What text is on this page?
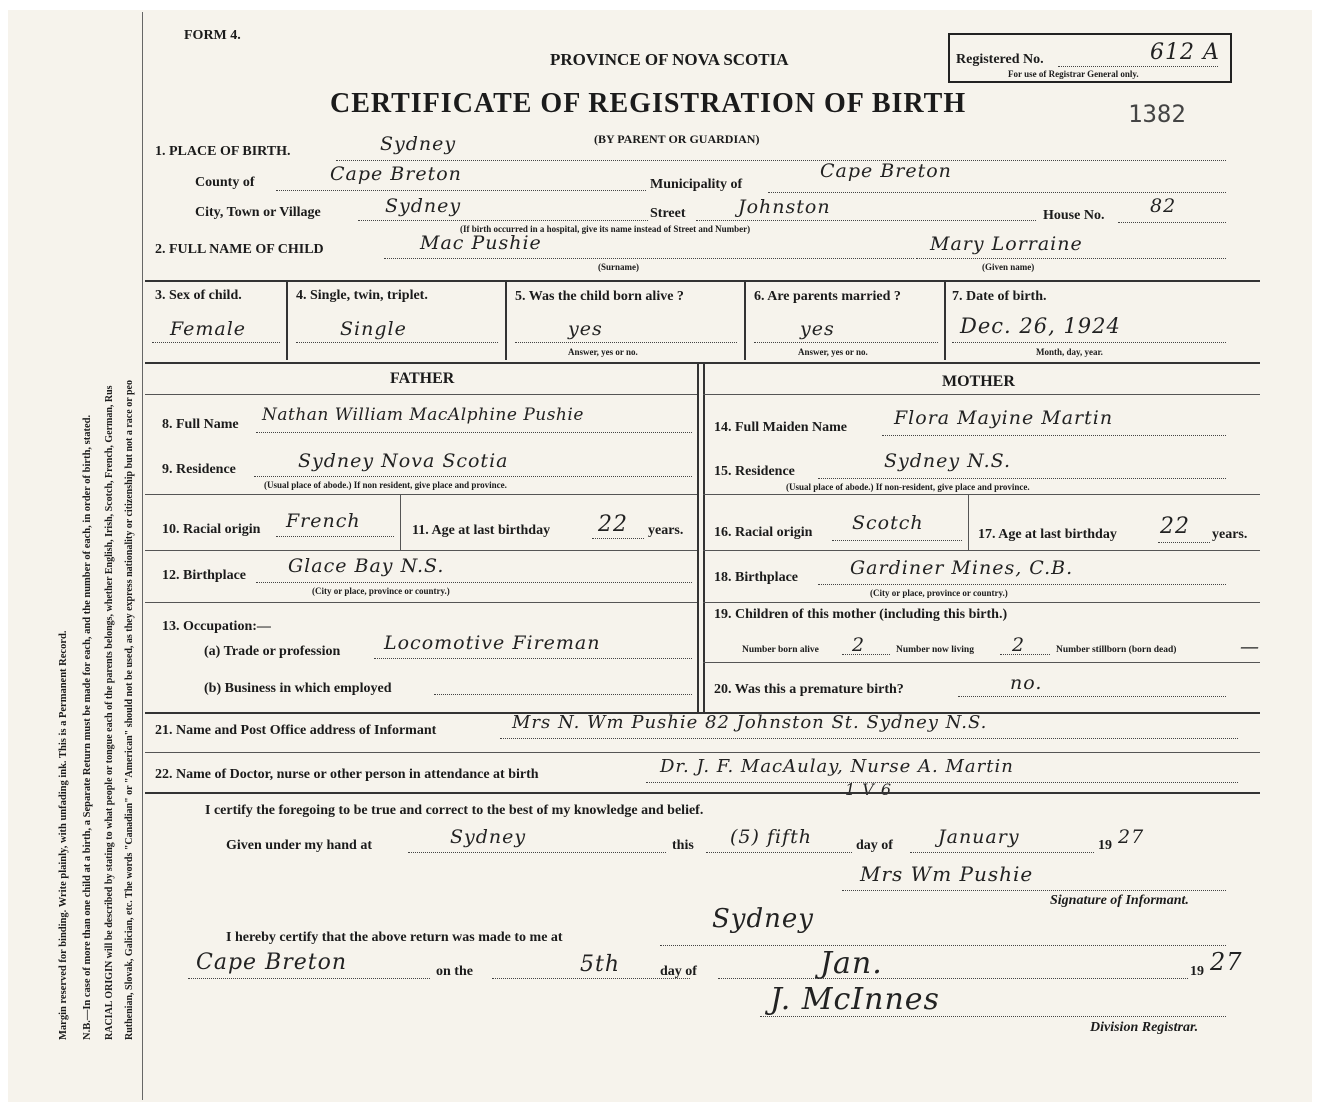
Margin reserved for binding. Write plainly, with unfading ink. This is a Permanent Record. N.B.—In case of more than one child at a birth, a Separate Return must be made for each, and the number of each, in order of birth, stated. RACIAL ORIGIN will be described by stating to what people or tongue each of the parents belongs, whether English, Irish, Scotch, French, German, Rus Ruthenian, Slovak, Galician, etc. The words "Canadian" or "American" should not be used, as they express nationality or citizenship but not a race or peo
FORM 4.
PROVINCE OF NOVA SCOTIA
CERTIFICATE OF REGISTRATION OF BIRTH
(BY PARENT OR GUARDIAN)
Registered No.	612 A
For use of Registrar General only.
1382
1. PLACE OF BIRTH.	Sydney
County of	Cape Breton	Municipality of
Cape Breton
City, Town or Village	Sydney	Street	Johnston	House No. 82
(If birth occurred in a hospital, give its name instead of Street and Number)
2. FULL NAME OF CHILD	Mac Pushie	Mary Lorraine
(Surname)	(Given name)
3. Sex of child.
Female
4. Single, twin, triplet.
Single
5. Was the child born alive ?
yes
Answer, yes or no.
6. Are parents married ?
yes
Answer, yes or no.
7. Date of birth.
Dec. 26, 1924
Month, day, year.
FATHER
8. Full Name Nathan William MacAlphine Pushie
9. Residence	Sydney Nova Scotia
(Usual place of abode.) If non resident, give place and province.
10. Racial origin French	11. Age at last birthday 22 years.
12. Birthplace Glace Bay N.S.
(City or place, province or country.)
13. Occupation:—
(a) Trade or profession Locomotive Fireman
(b) Business in which employed
MOTHER
14. Full Maiden Name Flora Mayine Martin
15. Residence	Sydney N.S.
(Usual place of abode.) If non-resident, give place and province.
16. Racial origin Scotch
17. Age at last birthday 22 years.
18. Birthplace	Gardiner Mines, C.B.
(City or place, province or country.)
19. Children of this mother (including this birth.)
Number born alive 2	Number now living 2	Number stillborn (born dead)	—
20. Was this a premature birth?	no.
21. Name and Post Office address of Informant	Mrs N. Wm Pushie 82 Johnston St. Sydney N.S.
22. Name of Doctor, nurse or other person in attendance at birth	Dr. J. F. MacAulay, Nurse A. Martin
1 V 6
I certify the foregoing to be true and correct to the best of my knowledge and belief.
Given under my hand at	Sydney	this (5) fifth	day of January	19 27
Mrs Wm Pushie
Signature of Informant.
I hereby certify that the above return was made to me at
Sydney
Cape Breton	on the	5th	day of	Jan.	19 27
J. McInnes
Division Registrar.
